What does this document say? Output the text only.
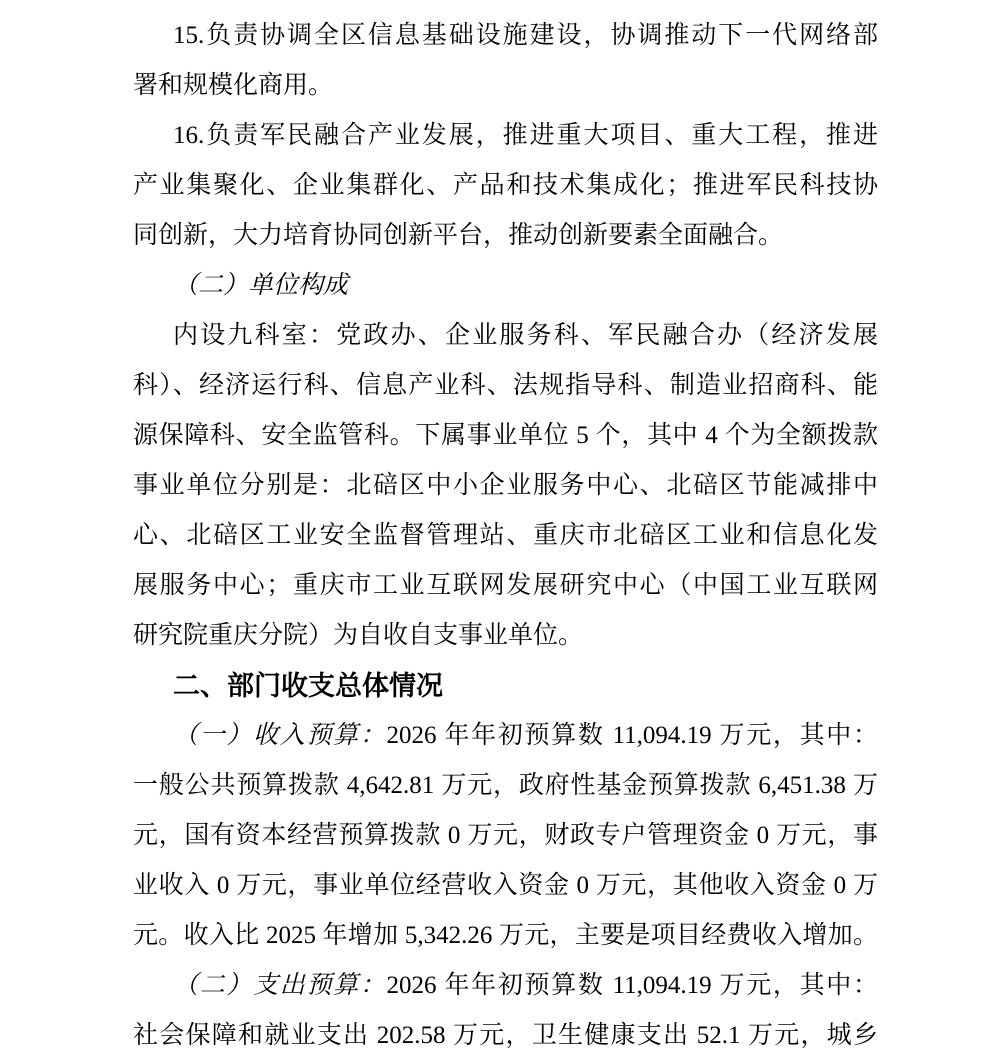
15.负责协调全区信息基础设施建设，协调推动下一代网络部
署和规模化商用。
16.负责军民融合产业发展，推进重大项目、重大工程，推进
产业集聚化、企业集群化、产品和技术集成化；推进军民科技协
同创新，大力培育协同创新平台，推动创新要素全面融合。
（二）单位构成
内设九科室：党政办、企业服务科、军民融合办（经济发展
科）、经济运行科、信息产业科、法规指导科、制造业招商科、能
源保障科、安全监管科。下属事业单位 5 个，其中 4 个为全额拨款
事业单位分别是：北碚区中小企业服务中心、北碚区节能减排中
心、北碚区工业安全监督管理站、重庆市北碚区工业和信息化发
展服务中心；重庆市工业互联网发展研究中心（中国工业互联网
研究院重庆分院）为自收自支事业单位。
二、部门收支总体情况
（一）收入预算：2026 年年初预算数 11,094.19 万元，其中：
一般公共预算拨款 4,642.81 万元，政府性基金预算拨款 6,451.38 万
元，国有资本经营预算拨款 0 万元，财政专户管理资金 0 万元，事
业收入 0 万元，事业单位经营收入资金 0 万元，其他收入资金 0 万
元。收入比 2025 年增加 5,342.26 万元，主要是项目经费收入增加。
（二）支出预算：2026 年年初预算数 11,094.19 万元，其中：
社会保障和就业支出 202.58 万元，卫生健康支出 52.1 万元，城乡
